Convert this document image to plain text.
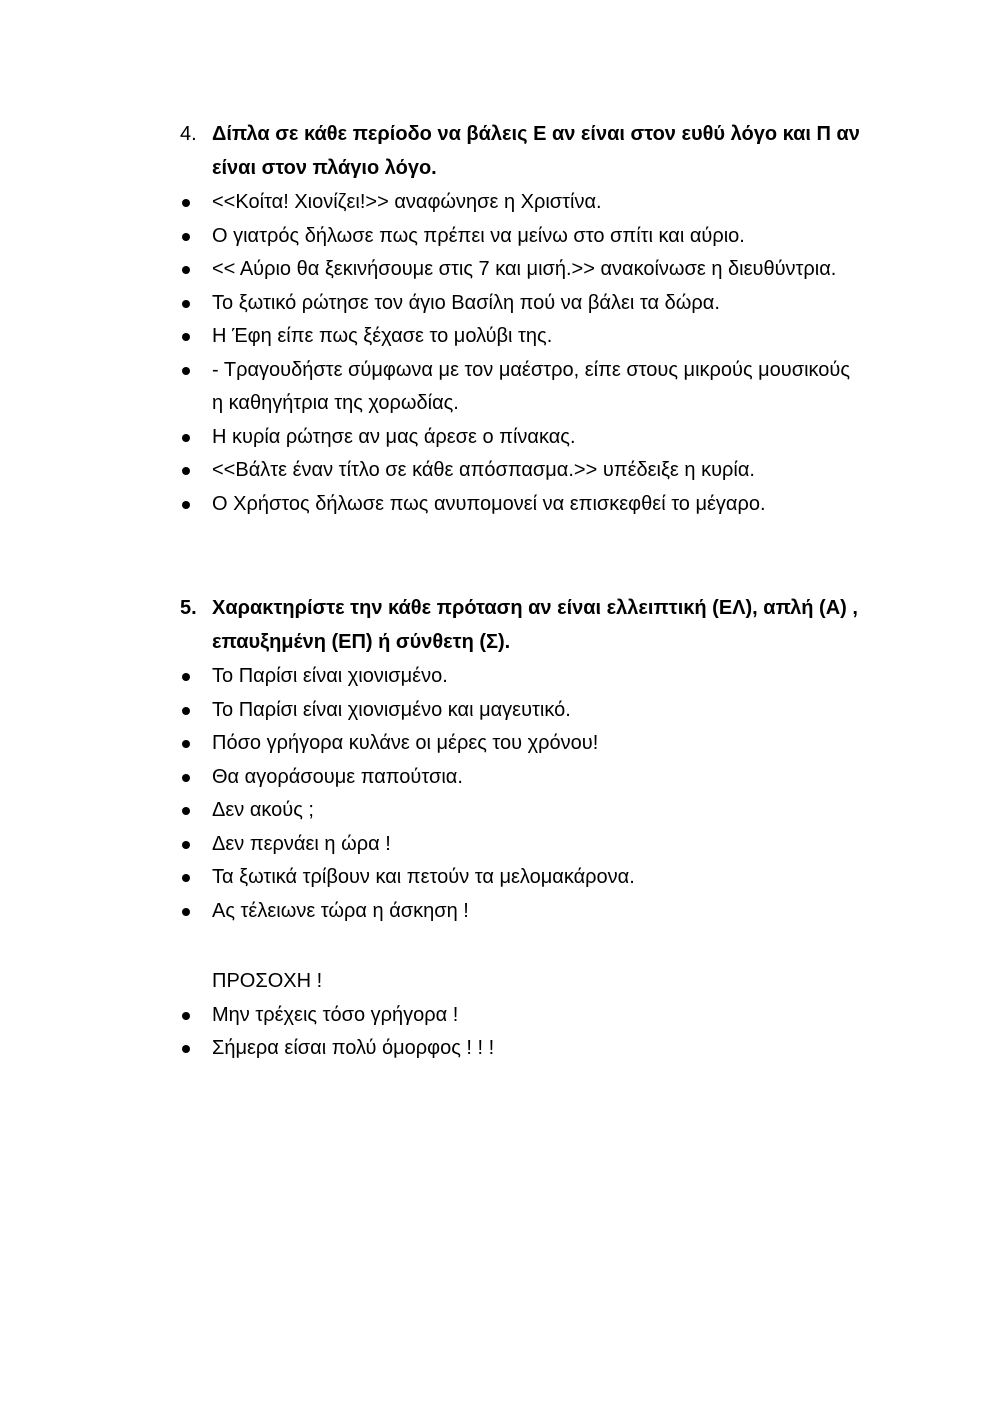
4. Δίπλα σε κάθε περίοδο να βάλεις Ε αν είναι στον ευθύ λόγο και Π αν είναι στον πλάγιο λόγο.
<<Κοίτα! Χιονίζει!>> αναφώνησε η Χριστίνα.
Ο γιατρός δήλωσε πως πρέπει να μείνω στο σπίτι και αύριο.
<< Αύριο θα ξεκινήσουμε στις 7 και μισή.>> ανακοίνωσε η διευθύντρια.
Το ξωτικό ρώτησε τον άγιο Βασίλη πού να βάλει τα δώρα.
Η Έφη είπε πως ξέχασε το μολύβι της.
- Τραγουδήστε σύμφωνα με τον μαέστρο, είπε στους μικρούς μουσικούς η καθηγήτρια της χορωδίας.
Η κυρία ρώτησε αν μας άρεσε ο πίνακας.
<<Βάλτε έναν τίτλο σε κάθε απόσπασμα.>> υπέδειξε η κυρία.
Ο Χρήστος δήλωσε πως ανυπομονεί να επισκεφθεί το μέγαρο.
5. Χαρακτηρίστε την κάθε πρόταση αν είναι ελλειπτική (ΕΛ), απλή (Α) , επαυξημένη (ΕΠ) ή σύνθετη (Σ).
Το Παρίσι είναι χιονισμένο.
Το Παρίσι είναι χιονισμένο και μαγευτικό.
Πόσο γρήγορα κυλάνε οι μέρες του χρόνου!
Θα αγοράσουμε παπούτσια.
Δεν ακούς ;
Δεν περνάει η ώρα !
Τα ξωτικά τρίβουν και πετούν τα μελομακάρονα.
Ας τέλειωνε τώρα η άσκηση !

ΠΡΟΣΟΧΗ !

Μην τρέχεις τόσο γρήγορα !
Σήμερα είσαι πολύ όμορφος ! ! !
